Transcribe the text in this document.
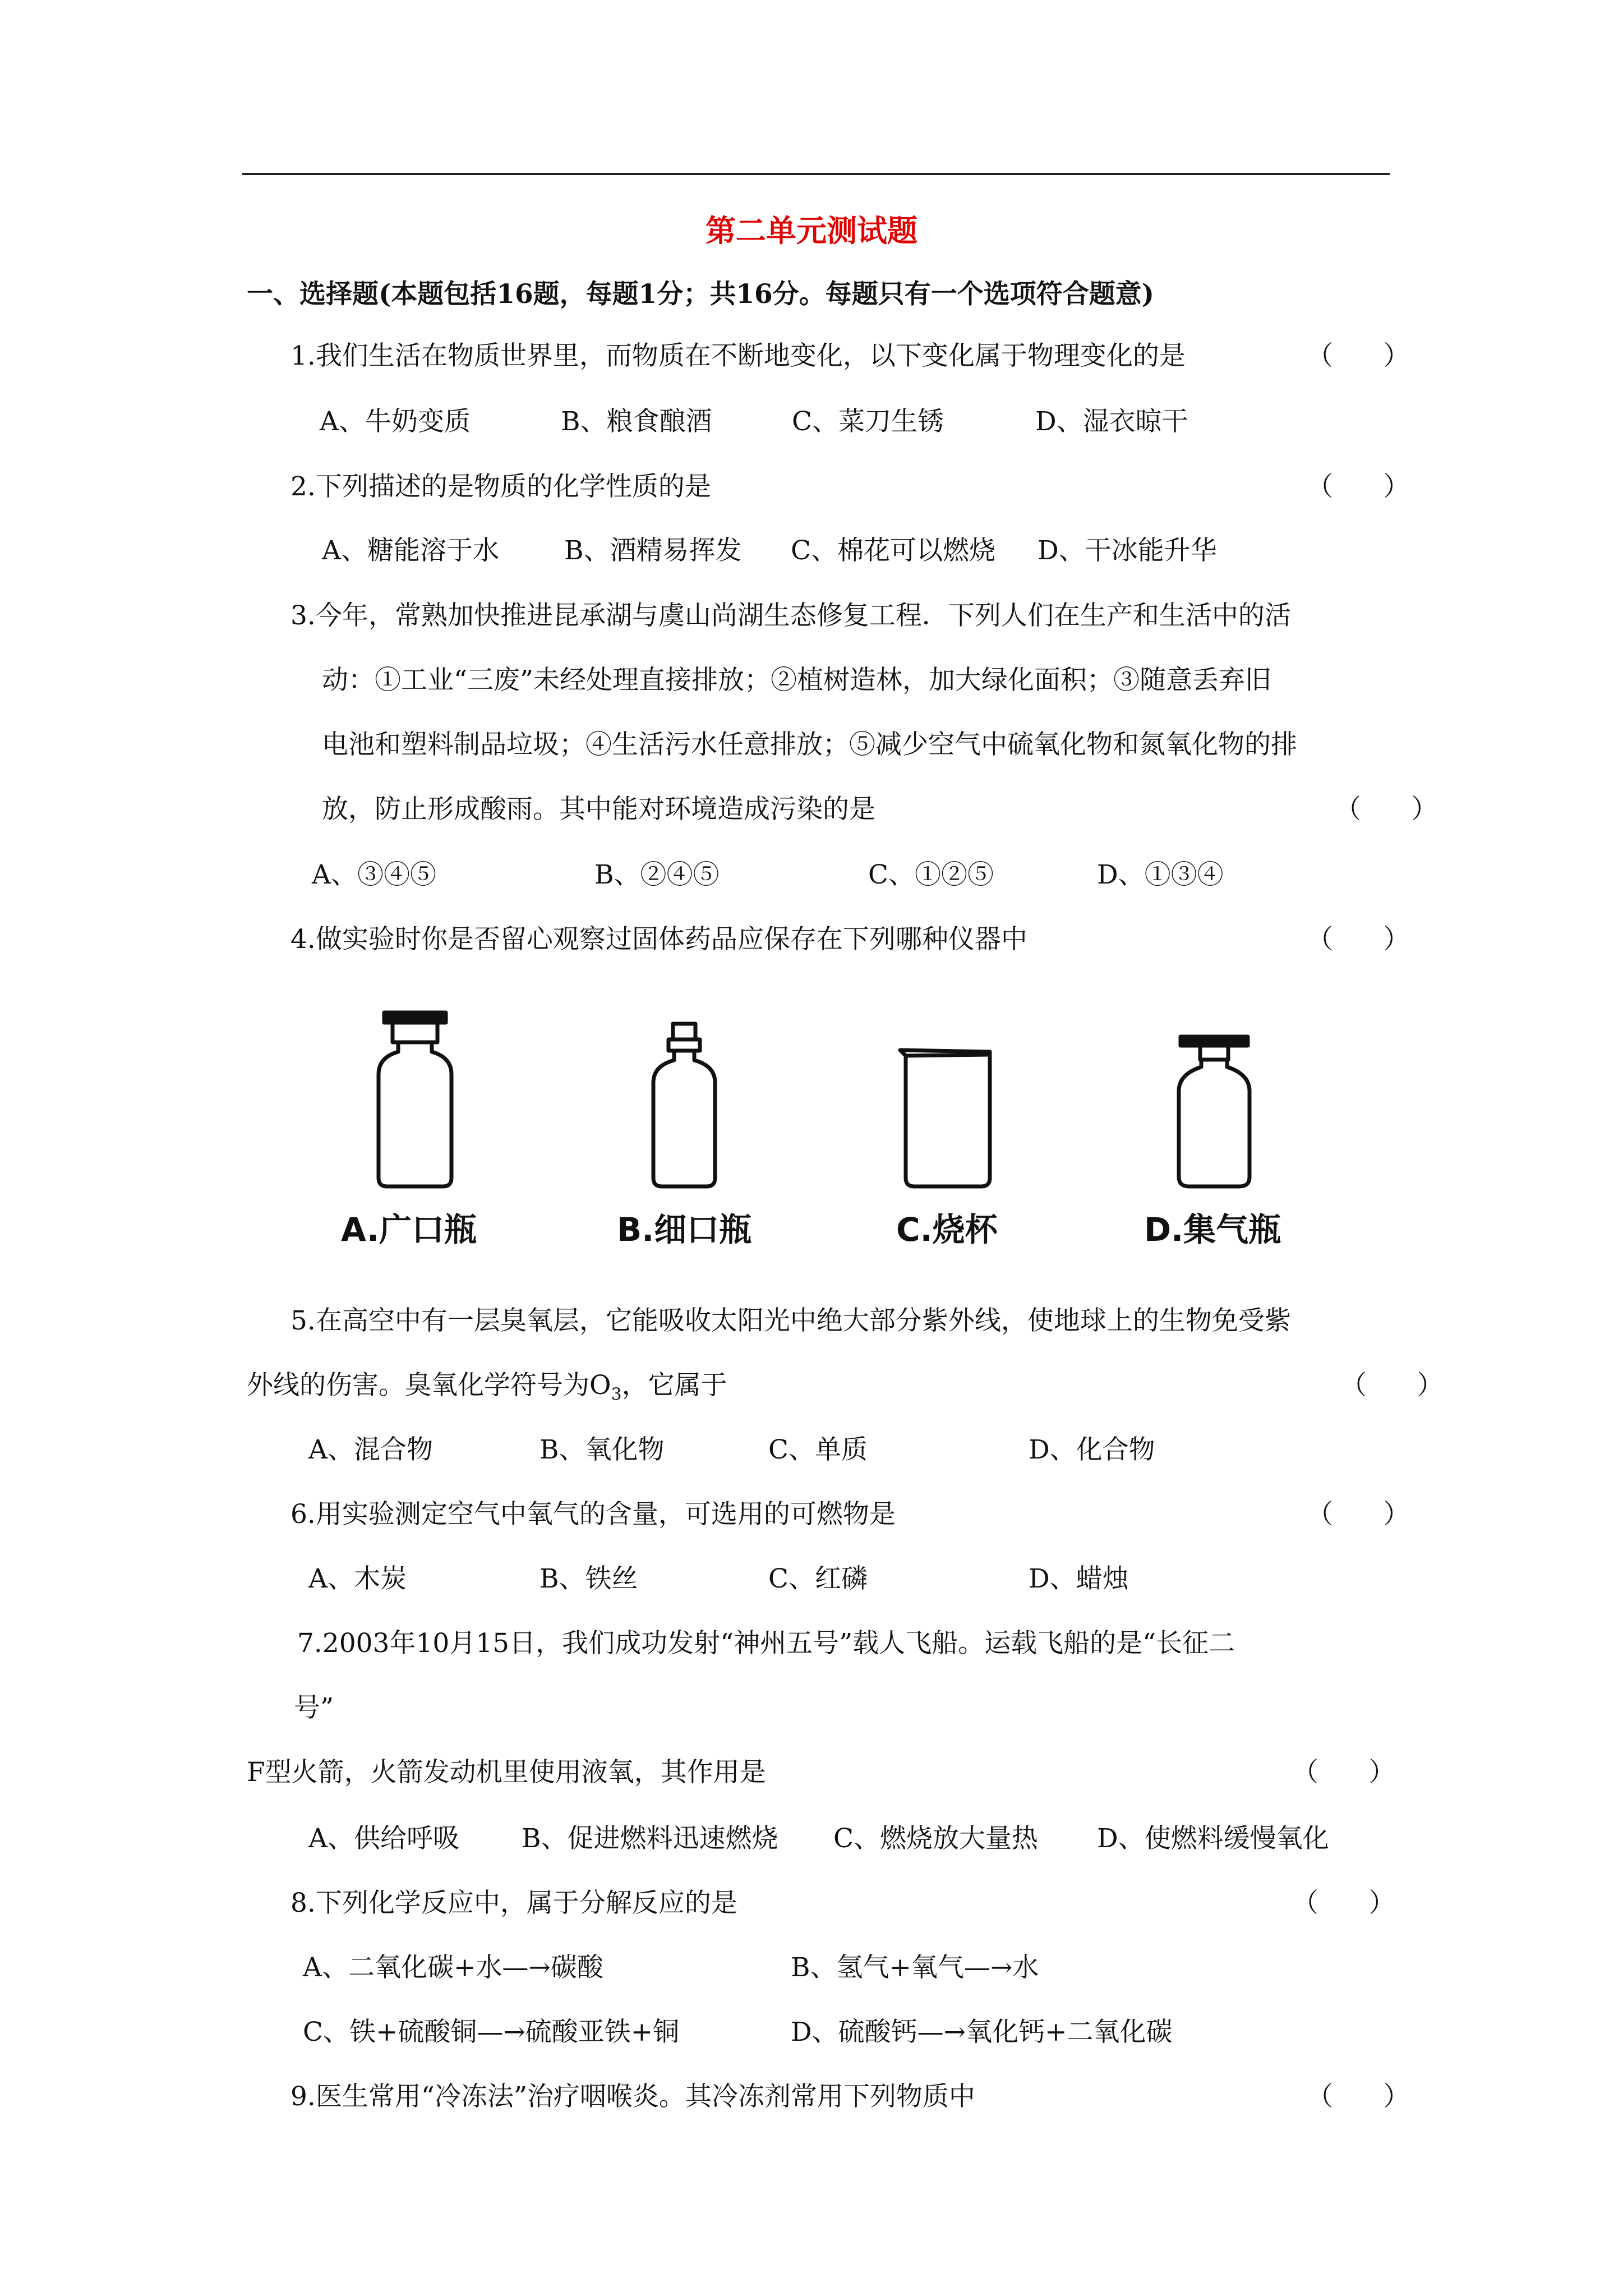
第二单元测试题
一、选择题(本题包括16题，每题1分；共16分。每题只有一个选项符合题意)
1.我们生活在物质世界里，而物质在不断地变化，以下变化属于物理变化的是	（      ）
A、牛奶变质	B、粮食酿酒	C、菜刀生锈	D、湿衣晾干
2.下列描述的是物质的化学性质的是	（      ）
A、糖能溶于水 B、酒精易挥发 C、棉花可以燃烧 D、干冰能升华
3.今年，常熟加快推进昆承湖与虞山尚湖生态修复工程．下列人们在生产和生活中的活
动：①工业“三废”未经处理直接排放；②植树造林，加大绿化面积；③随意丢弃旧
电池和塑料制品垃圾；④生活污水任意排放；⑤减少空气中硫氧化物和氮氧化物的排
放，防止形成酸雨。其中能对环境造成污染的是	（      ）
A、③④⑤	B、②④⑤	C、①②⑤	D、①③④
4.做实验时你是否留心观察过固体药品应保存在下列哪种仪器中	（      ）
A.广口瓶	B.细口瓶	C.烧杯	D.集气瓶
5.在高空中有一层臭氧层，它能吸收太阳光中绝大部分紫外线，使地球上的生物免受紫
外线的伤害。臭氧化学符号为$O_3$，它属于	（      ）
A、混合物	B、氧化物	C、单质	D、化合物
6.用实验测定空气中氧气的含量，可选用的可燃物是	（      ）
A、木炭	B、铁丝	C、红磷	D、蜡烛
7.2003年10月15日，我们成功发射“神州五号”载人飞船。运载飞船的是“长征二
号”
F型火箭，火箭发动机里使用液氧，其作用是	（      ）
A、供给呼吸 B、促进燃料迅速燃烧 C、燃烧放大量热 D、使燃料缓慢氧化
8.下列化学反应中，属于分解反应的是	（      ）
A、二氧化碳+水—→碳酸	B、氢气+氧气—→水
C、铁+硫酸铜—→硫酸亚铁+铜	D、硫酸钙—→氧化钙+二氧化碳
9.医生常用“冷冻法”治疗咽喉炎。其冷冻剂常用下列物质中	（      ）
